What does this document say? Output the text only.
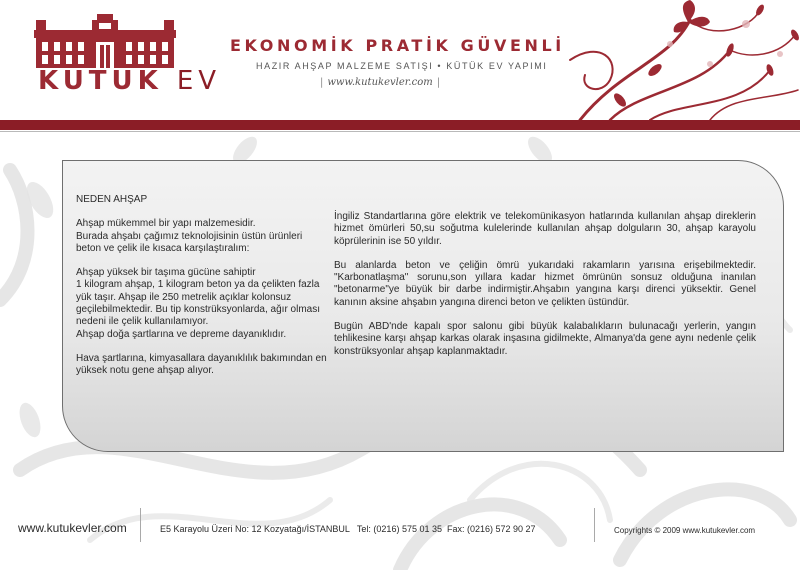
KÜTÜK EV
EKONOMİK PRATİK GÜVENLİ
HAZIR AHŞAP MALZEME SATIŞI • KÜTÜK EV YAPIMI
| www.kutukevler.com |

NEDEN AHŞAP

Ahşap mükemmel bir yapı malzemesidir.
Burada ahşabı çağımız teknolojisinin üstün ürünleri beton ve çelik ile kısaca karşılaştıralım:

Ahşap yüksek bir taşıma gücüne sahiptir
1 kilogram ahşap, 1 kilogram beton ya da çelikten fazla yük taşır. Ahşap ile 250 metrelik açıklar kolonsuz geçilebilmektedir. Bu tip konstrüksyonlarda, ağır olması nedeni ile çelik kullanılamıyor.
Ahşap doğa şartlarına ve depreme dayanıklıdır.

Hava şartlarına, kimyasallara dayanıklılık bakımından en yüksek notu gene ahşap alıyor.

İngiliz Standartlarına göre elektrik ve telekomünikasyon hatlarında kullanılan ahşap direklerin hizmet ömürleri 50,su soğutma kulelerinde kullanılan ahşap dolguların 30, ahşap karayolu köprülerinin ise 50 yıldır.

Bu alanlarda beton ve çeliğin ömrü yukarıdaki rakamların yarısına erişebilmektedir. "Karbonatlaşma" sorunu,son yıllara kadar hizmet ömrünün sonsuz olduğuna inanılan "betonarme"ye büyük bir darbe indirmiştir.Ahşabın yangına karşı direnci yüksektir. Genel kanının aksine ahşabın yangına direnci beton ve çelikten üstündür.

Bugün ABD'nde kapalı spor salonu gibi büyük kalabalıkların bulunacağı yerlerin, yangın tehlikesine karşı ahşap karkas olarak inşasına gidilmekte, Almanya'da gene aynı nedenle çelik konstrüksyonlar ahşap kaplanmaktadır.

www.kutukevler.com	E5 Karayolu Üzeri No: 12 Kozyatağı/İSTANBUL   Tel: (0216) 575 01 35  Fax: (0216) 572 90 27	Copyrights © 2009 www.kutukevler.com
